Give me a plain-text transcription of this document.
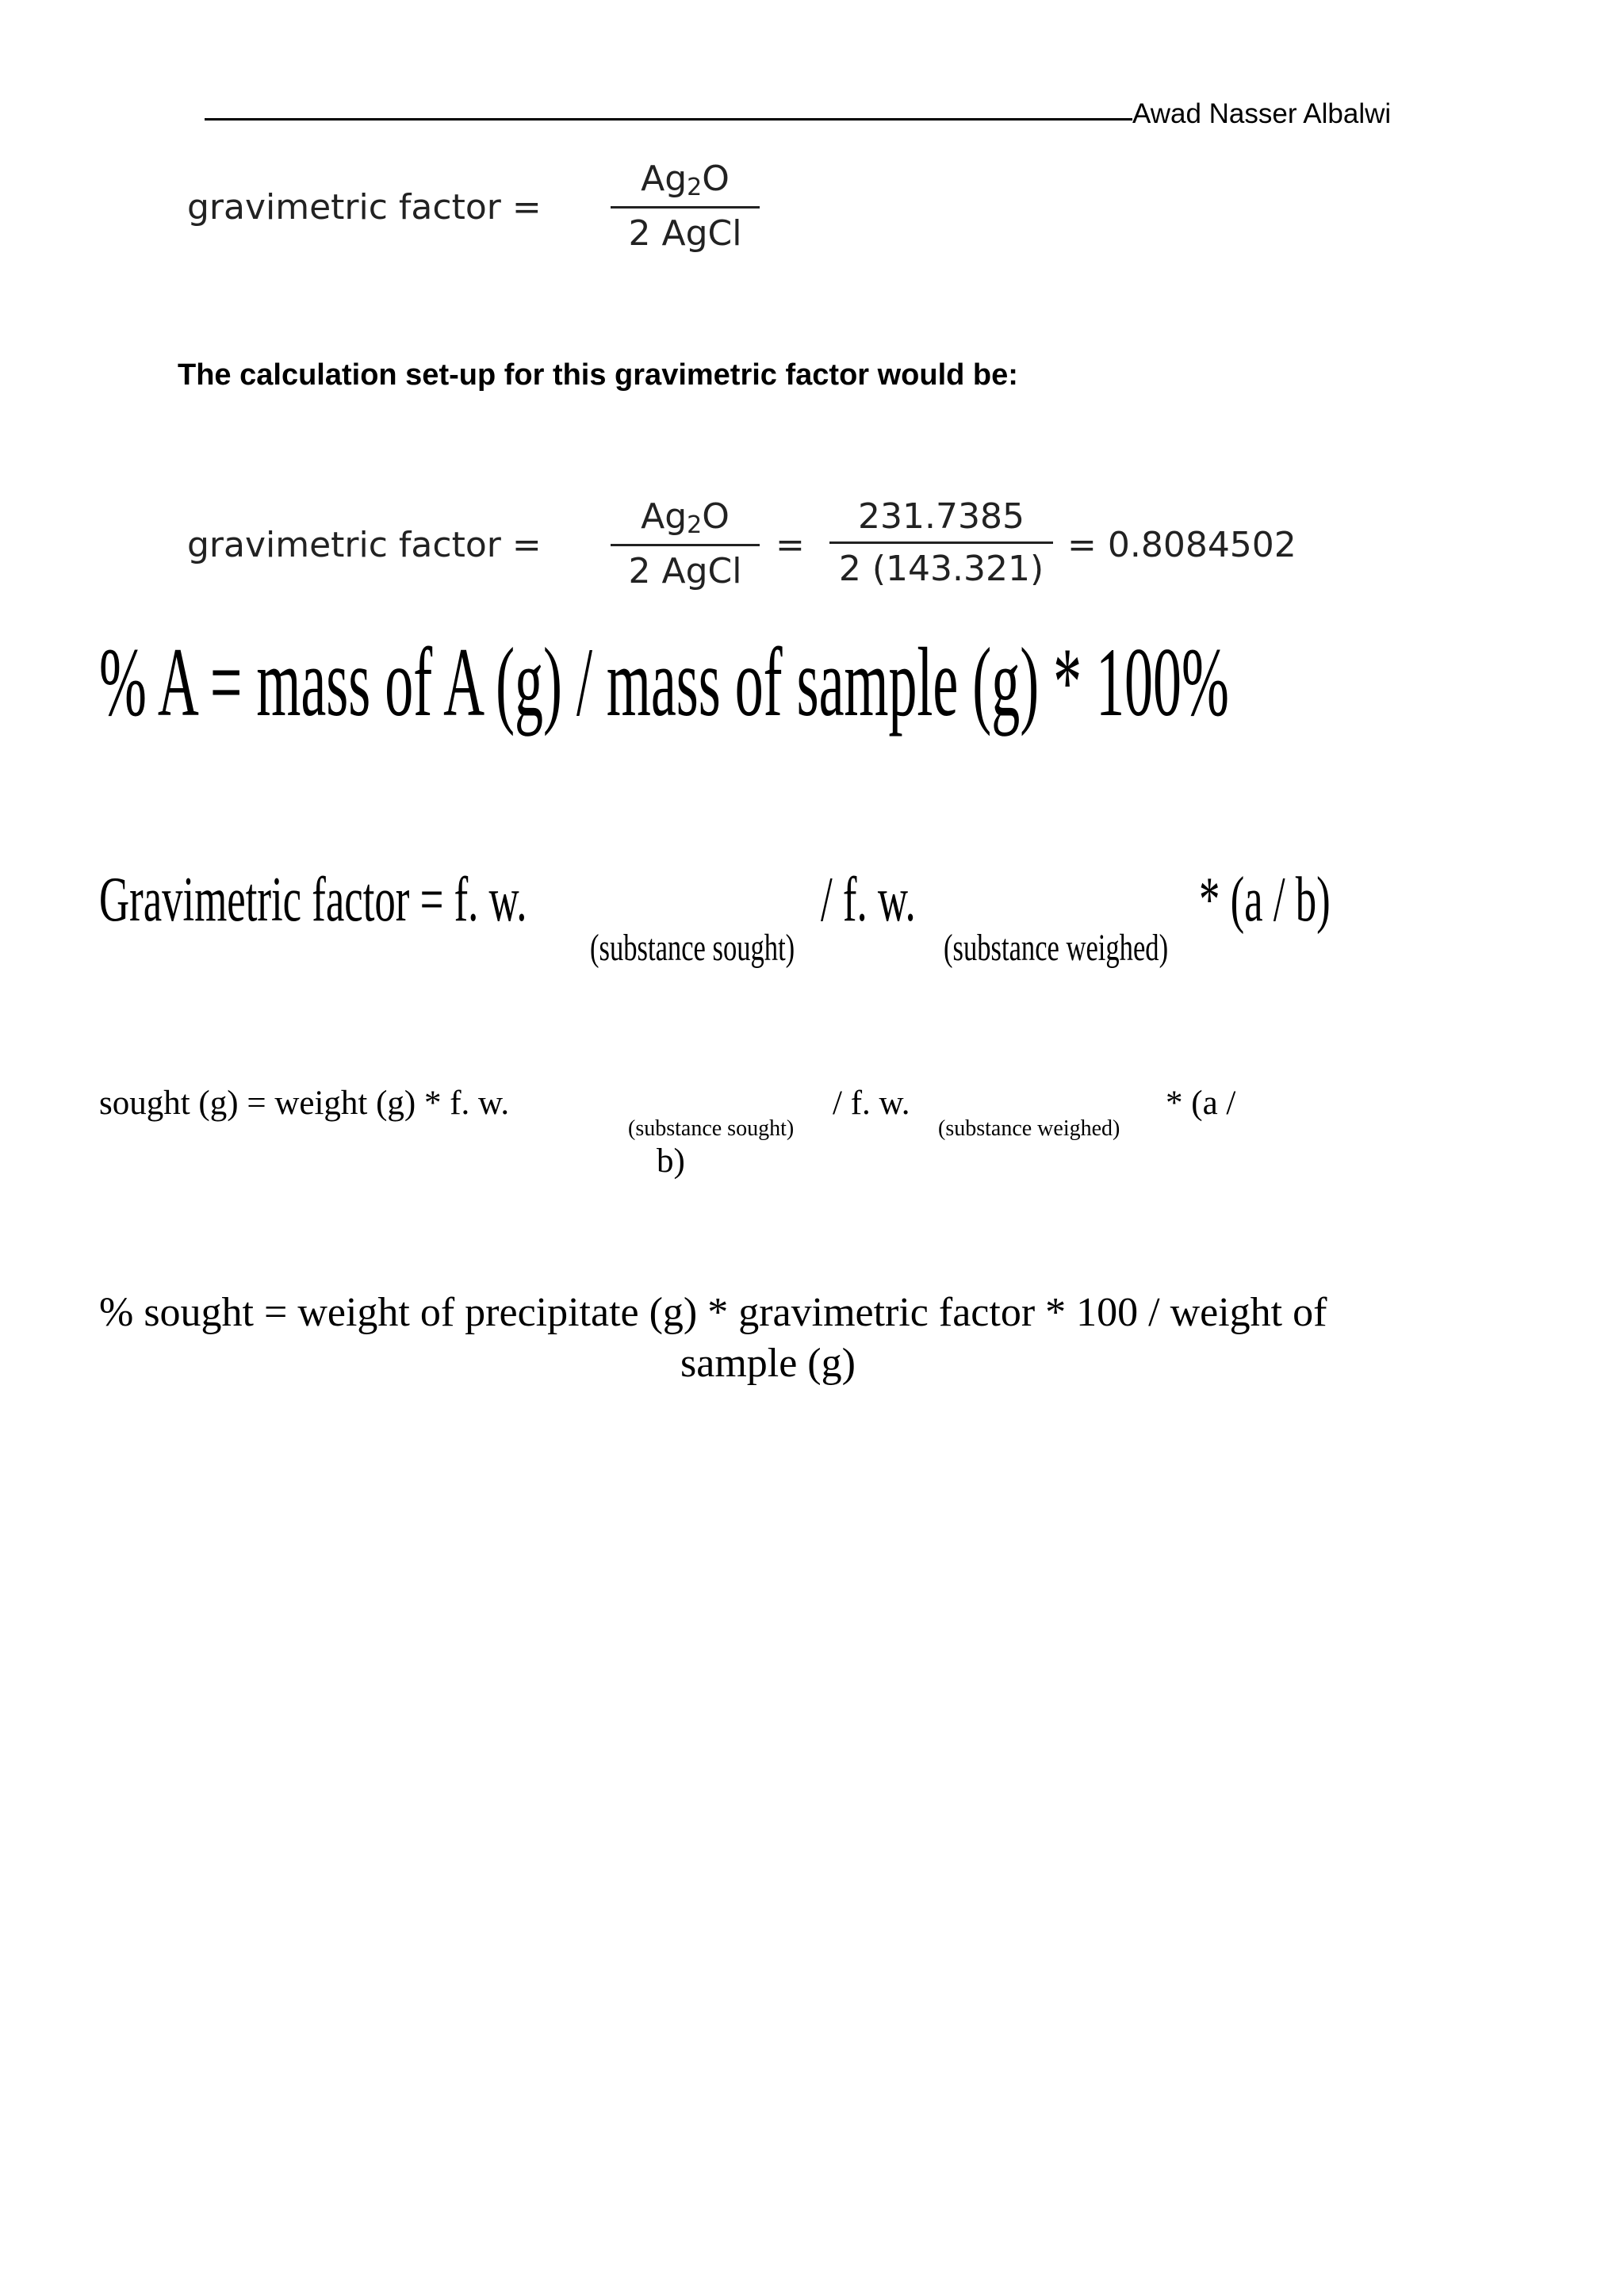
Awad Nasser Albalwi
gravimetric factor =
$Ag_2O$
2 AgCl
The calculation set-up for this gravimetric factor would be:
gravimetric factor =
$Ag_2O$
2 AgCl
=
231.7385
2 (143.321)
= 0.8084502
% A = mass of A (g) / mass of sample (g) * 100%
Gravimetric factor = f. w.
(substance sought)
/ f. w.
(substance weighed)
* (a / b)
sought (g) = weight (g) * f. w.
(substance sought)
/ f. w.
(substance weighed)
* (a /
b)
% sought = weight of precipitate (g) * gravimetric factor * 100 / weight of
sample (g)
